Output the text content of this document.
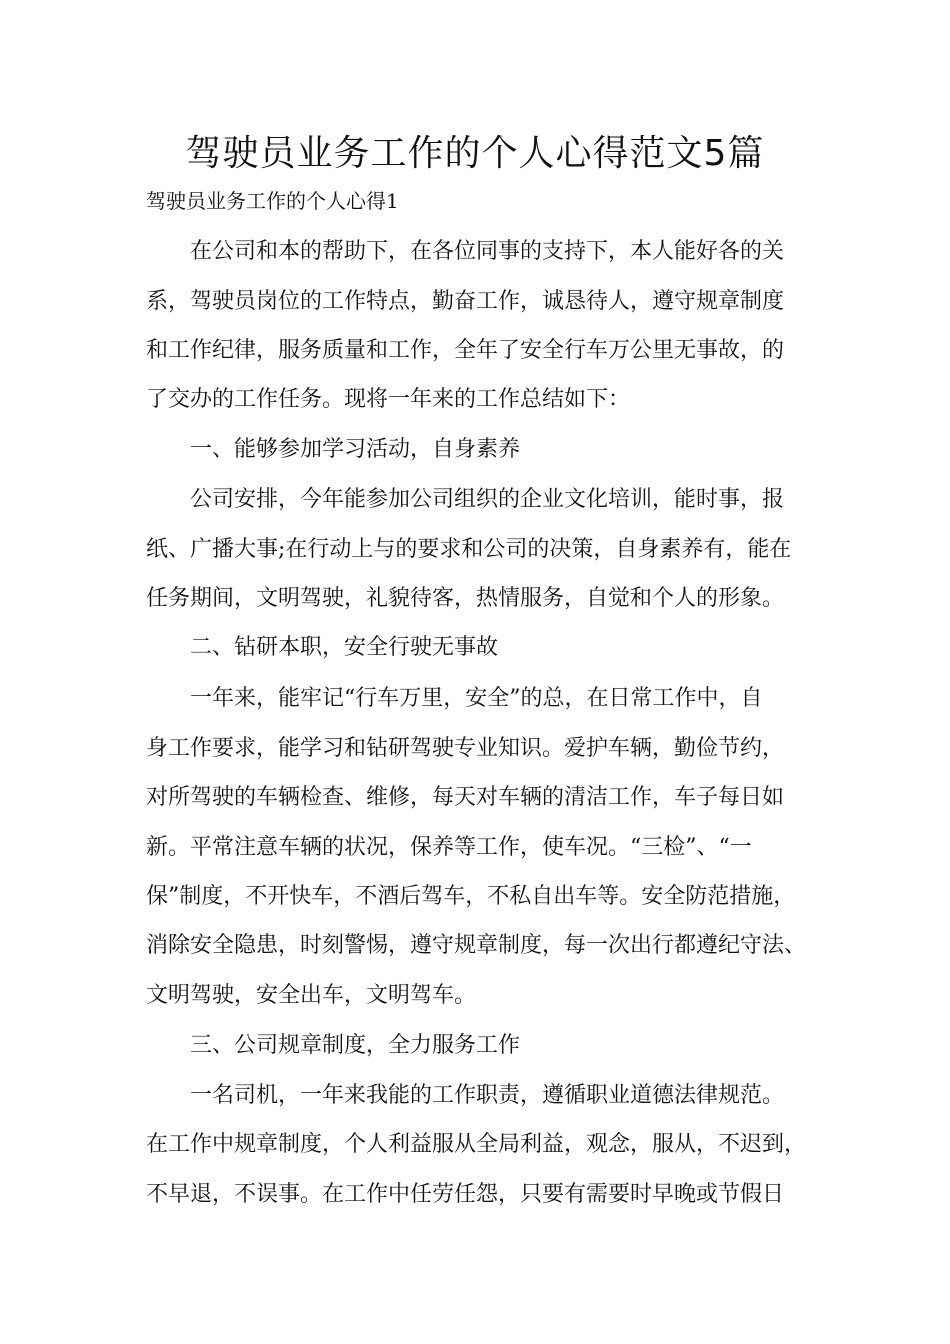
驾驶员业务工作的个人心得范文5篇
驾驶员业务工作的个人心得1
在公司和本的帮助下，在各位同事的支持下，本人能好各的关
系，驾驶员岗位的工作特点，勤奋工作，诚恳待人，遵守规章制度
和工作纪律，服务质量和工作，全年了安全行车万公里无事故，的
了交办的工作任务。现将一年来的工作总结如下：
一、能够参加学习活动，自身素养
公司安排，今年能参加公司组织的企业文化培训，能时事，报
纸、广播大事;在行动上与的要求和公司的决策，自身素养有，能在
任务期间，文明驾驶，礼貌待客，热情服务，自觉和个人的形象。
二、钻研本职，安全行驶无事故
一年来，能牢记“行车万里，安全”的总，在日常工作中，自
身工作要求，能学习和钻研驾驶专业知识。爱护车辆，勤俭节约，
对所驾驶的车辆检查、维修，每天对车辆的清洁工作，车子每日如
新。平常注意车辆的状况，保养等工作，使车况。“三检”、“一
保”制度，不开快车，不酒后驾车，不私自出车等。安全防范措施，
消除安全隐患，时刻警惕，遵守规章制度，每一次出行都遵纪守法、
文明驾驶，安全出车，文明驾车。
三、公司规章制度，全力服务工作
一名司机，一年来我能的工作职责，遵循职业道德法律规范。
在工作中规章制度，个人利益服从全局利益，观念，服从，不迟到，
不早退，不误事。在工作中任劳任怨，只要有需要时早晚或节假日
